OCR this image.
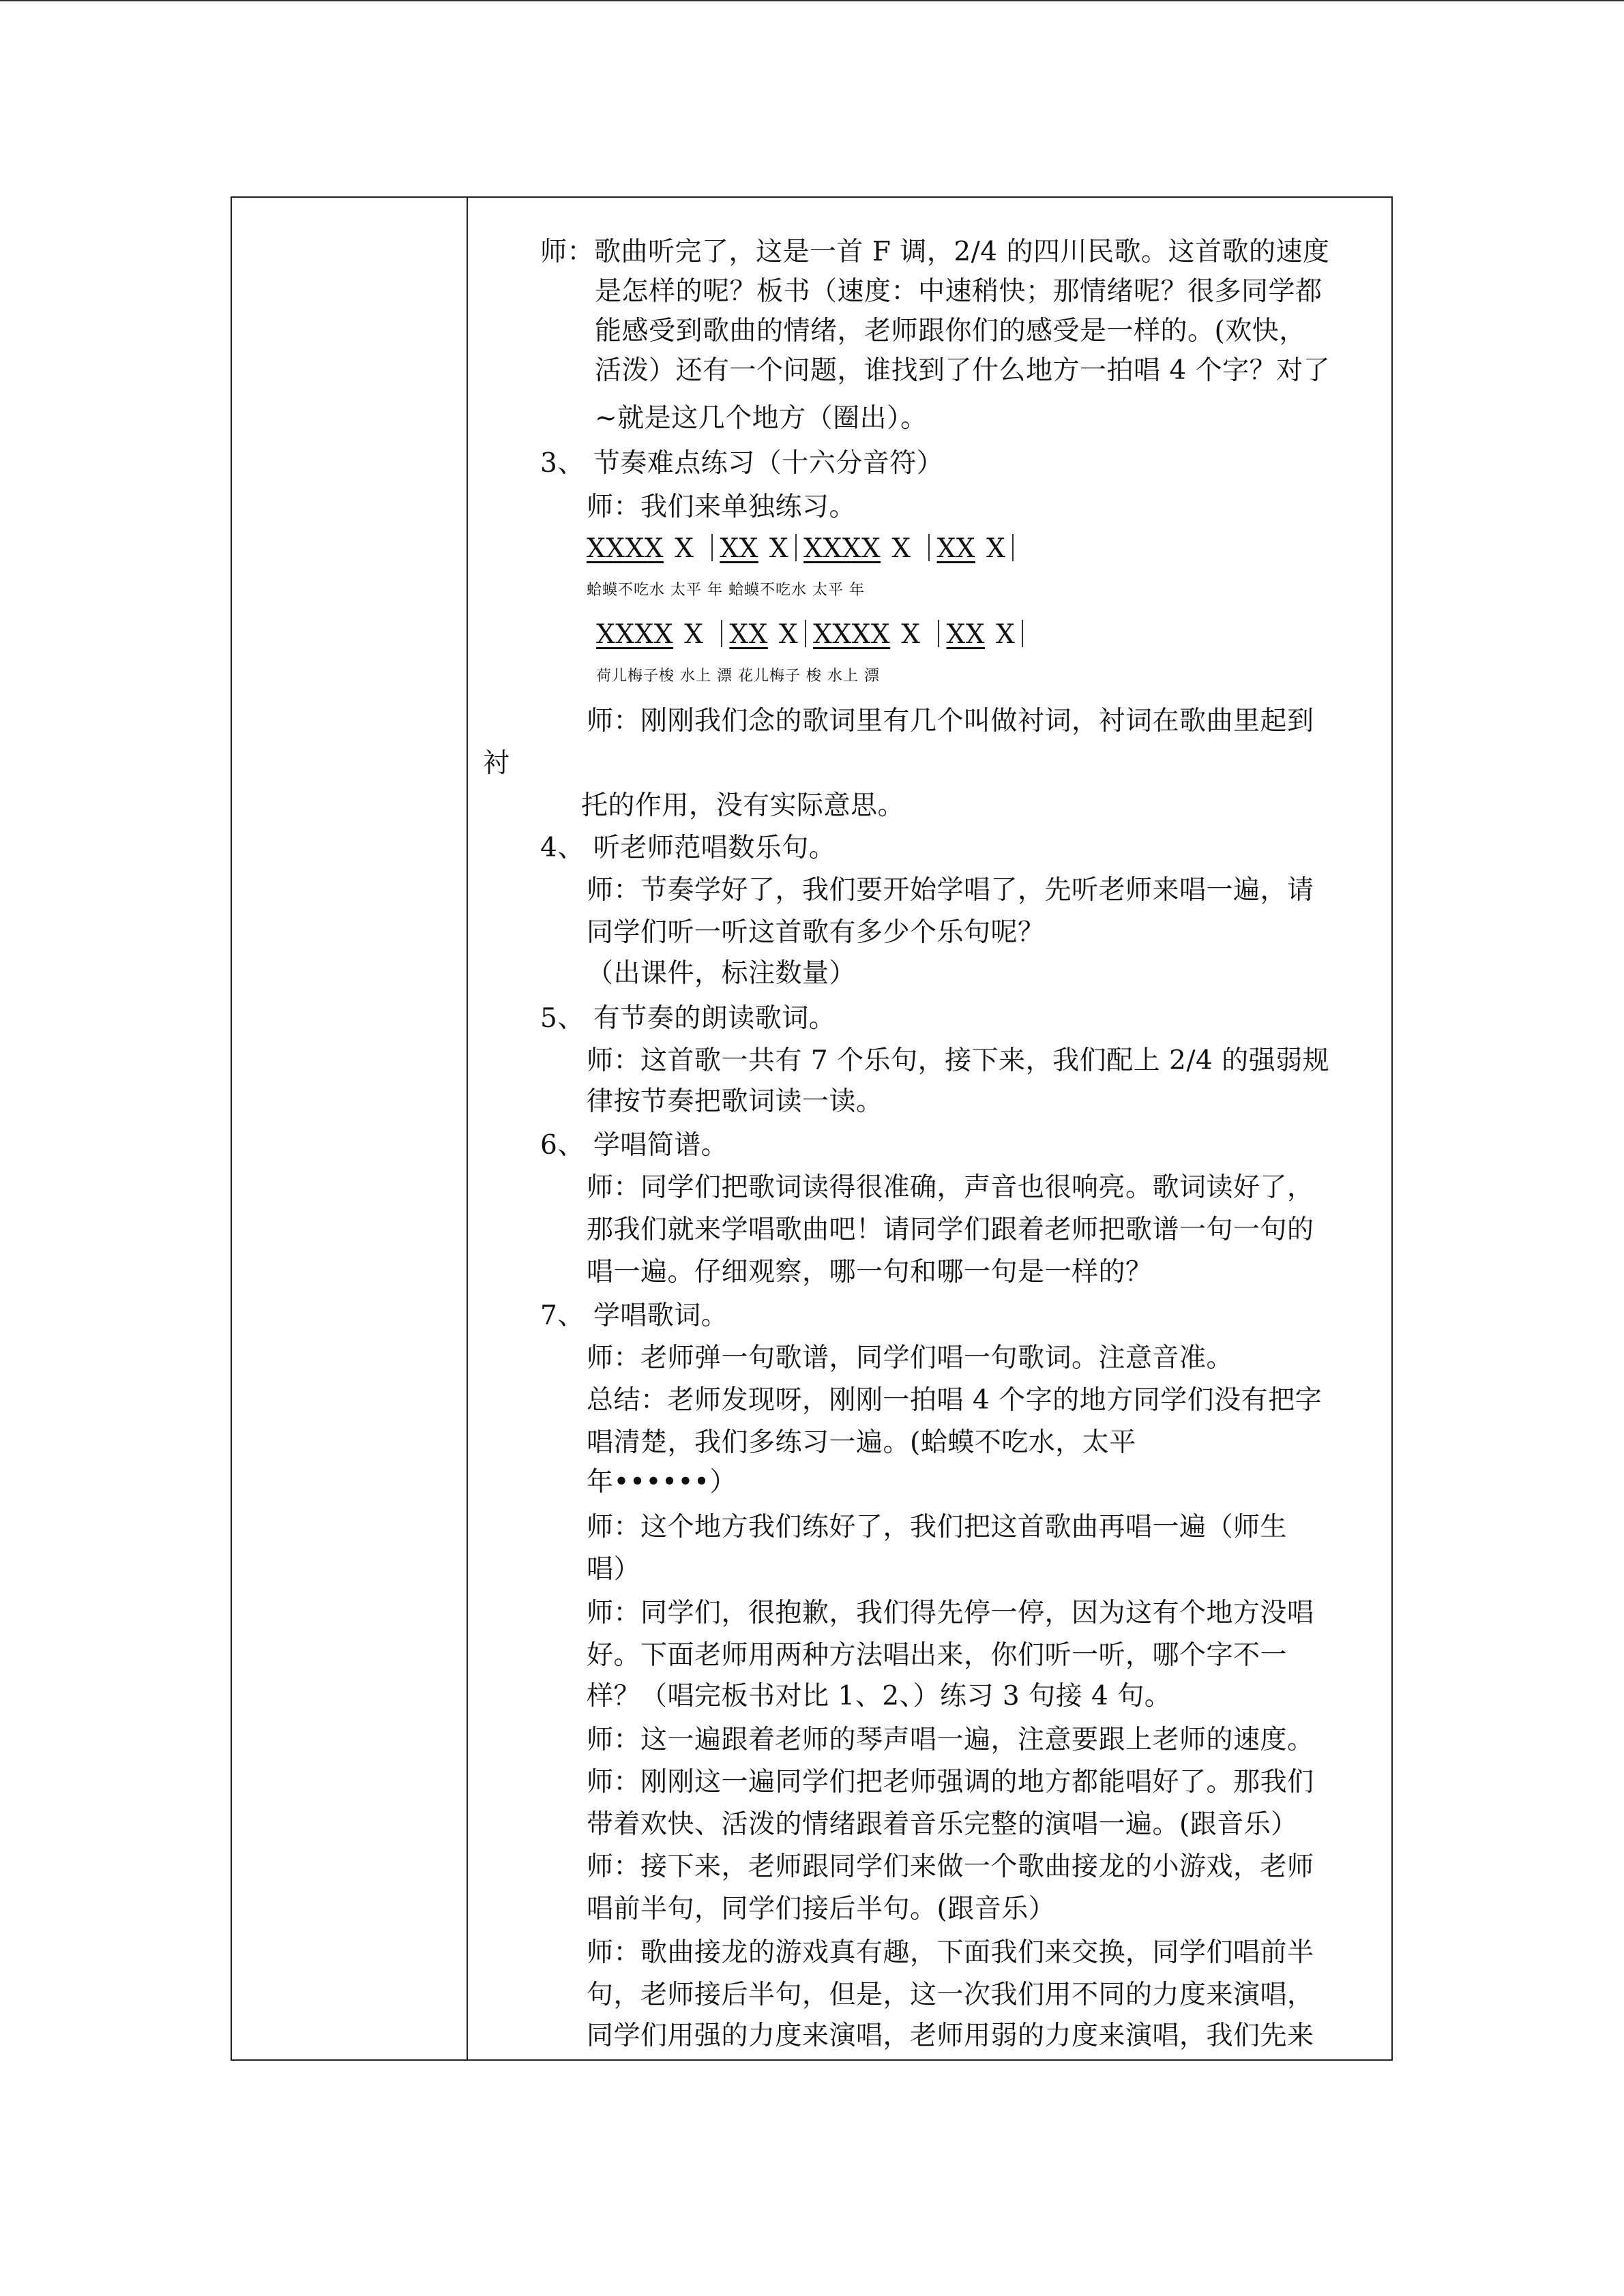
师：歌曲听完了，这是一首 F 调，2/4 的四川民歌。这首歌的速度
是怎样的呢？板书（速度：中速稍快；那情绪呢？很多同学都
能感受到歌曲的情绪，老师跟你们的感受是一样的。(欢快，
活泼）还有一个问题，谁找到了什么地方一拍唱 4 个字？对了
~就是这几个地方（圈出）。
3、 节奏难点练习（十六分音符）
师：我们来单独练习。
XXXX X XX X XXXX X XX X
蛤蟆不吃水 太平 年 蛤蟆不吃水 太平 年
XXXX X XX X XXXX X XX X
荷儿梅子梭 水上 漂 花儿梅子 梭 水上 漂
师：刚刚我们念的歌词里有几个叫做衬词，衬词在歌曲里起到
衬
托的作用，没有实际意思。
4、 听老师范唱数乐句。
师：节奏学好了，我们要开始学唱了，先听老师来唱一遍，请
同学们听一听这首歌有多少个乐句呢？
（出课件，标注数量）
5、 有节奏的朗读歌词。
师：这首歌一共有 7 个乐句，接下来，我们配上 2/4 的强弱规
律按节奏把歌词读一读。
6、 学唱简谱。
师：同学们把歌词读得很准确，声音也很响亮。歌词读好了，
那我们就来学唱歌曲吧！请同学们跟着老师把歌谱一句一句的
唱一遍。仔细观察，哪一句和哪一句是一样的？
7、 学唱歌词。
师：老师弹一句歌谱，同学们唱一句歌词。注意音准。
总结：老师发现呀，刚刚一拍唱 4 个字的地方同学们没有把字
唱清楚，我们多练习一遍。(蛤蟆不吃水，太平
年••••••）
师：这个地方我们练好了，我们把这首歌曲再唱一遍（师生
唱）
师：同学们，很抱歉，我们得先停一停，因为这有个地方没唱
好。下面老师用两种方法唱出来，你们听一听，哪个字不一
样？（唱完板书对比 1、2、）练习 3 句接 4 句。
师：这一遍跟着老师的琴声唱一遍，注意要跟上老师的速度。
师：刚刚这一遍同学们把老师强调的地方都能唱好了。那我们
带着欢快、活泼的情绪跟着音乐完整的演唱一遍。(跟音乐）
师：接下来，老师跟同学们来做一个歌曲接龙的小游戏，老师
唱前半句，同学们接后半句。(跟音乐）
师：歌曲接龙的游戏真有趣，下面我们来交换，同学们唱前半
句，老师接后半句，但是，这一次我们用不同的力度来演唱，
同学们用强的力度来演唱，老师用弱的力度来演唱，我们先来
